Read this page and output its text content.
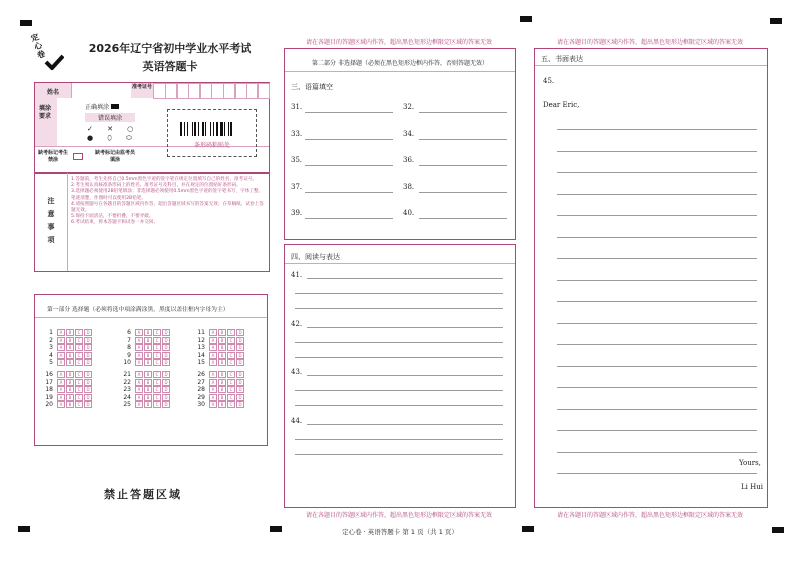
定心卷	2026年辽宁省初中学业水平考试
英语答题卡
姓名
准考证号
填涂要求
正确填涂
错误填涂
✓ ✕ ○ ● ⬯ ⬭
缺考标记考生禁涂
缺考标记由监考员填涂
条形码粘贴处
注意事项
1.答题前，考生先将自己0.5mm黑色字迹的签字笔在规定位置填写自己的姓名、准考证号。
2.考生须认真核准条形码上的姓名、准考证号及科目，并在规定的位置贴好条形码。
3.选择题必须使用2B铅笔填涂；非选择题必须使用0.5mm黑色字迹的签字笔书写，字体工整、笔迹清楚，作图时可以使用2B铅笔。
4.请按照题号在各题目的答题区域内作答，超出答题区域书写的答案无效；在草稿纸、试卷上答题无效。
5.保持卡面清洁，不要折叠，不要弄破。
6.考试结束，将本答题卡和试卷一并交回。
第一部分 选择题（必须将选中项涂满涂黑，黑度以盖住框内字母为主）
1 A B C D
2 A B C D
3 A B C D
4 A B C D
5 A B C D
6 A B C D
7 A B C D
8 A B C D
9 A B C D
10 A B C D
11 A B C D
12 A B C D
13 A B C D
14 A B C D
15 A B C D
16 A B C D
17 A B C D
18 A B C D
19 A B C D
20 A B C D
21 A B C D
22 A B C D
23 A B C D
24 A B C D
25 A B C D
26 A B C D
27 A B C D
28 A B C D
29 A B C D
30 A B C D
禁止答题区域
请在各题目的答题区域内作答，超出黑色矩形边框限定区域的答案无效
第二部分 非选择题（必须在黑色矩形边框内作答，否则答题无效）
三、语篇填空
31.	32.
33.	34.
35.	36.
37.	38.
39.	40.
四、阅读与表达
41.
42.
43.
44.
请在各题目的答题区域内作答，超出黑色矩形边框限定区域的答案无效
请在各题目的答题区域内作答，超出黑色矩形边框限定区域的答案无效
五、书面表达
45.
Dear Eric,
Yours,
Li Hui
请在各题目的答题区域内作答，超出黑色矩形边框限定区域的答案无效
定心卷 · 英语答题卡 第 1 页（共 1 页）
